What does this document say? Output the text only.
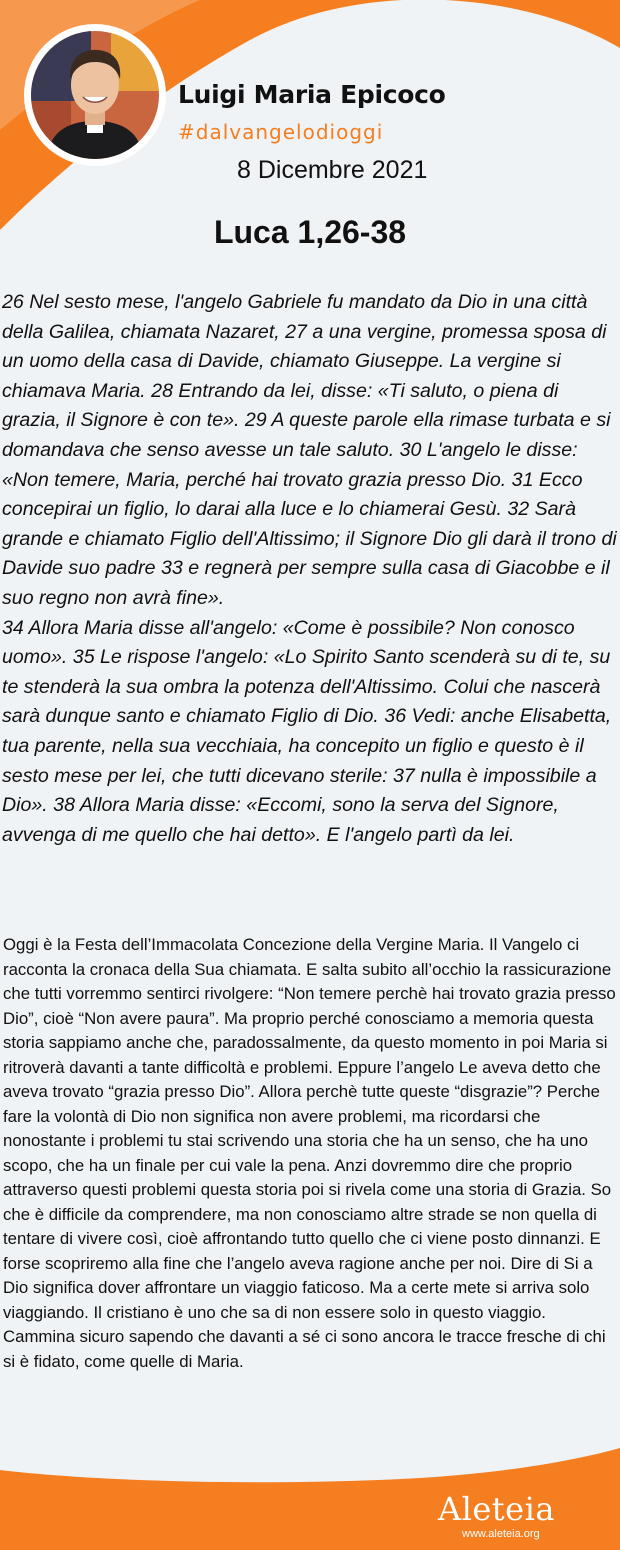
Luigi Maria Epicoco
#dalvangelodioggi
8 Dicembre 2021
Luca 1,26-38

26 Nel sesto mese, l'angelo Gabriele fu mandato da Dio in una città della Galilea, chiamata Nazaret, 27 a una vergine, promessa sposa di un uomo della casa di Davide, chiamato Giuseppe. La vergine si chiamava Maria. 28 Entrando da lei, disse: «Ti saluto, o piena di grazia, il Signore è con te». 29 A queste parole ella rimase turbata e si domandava che senso avesse un tale saluto. 30 L'angelo le disse: «Non temere, Maria, perché hai trovato grazia presso Dio. 31 Ecco concepirai un figlio, lo darai alla luce e lo chiamerai Gesù. 32 Sarà grande e chiamato Figlio dell'Altissimo; il Signore Dio gli darà il trono di Davide suo padre 33 e regnerà per sempre sulla casa di Giacobbe e il suo regno non avrà fine».

34 Allora Maria disse all'angelo: «Come è possibile? Non conosco uomo». 35 Le rispose l'angelo: «Lo Spirito Santo scenderà su di te, su te stenderà la sua ombra la potenza dell'Altissimo. Colui che nascerà sarà dunque santo e chiamato Figlio di Dio. 36 Vedi: anche Elisabetta, tua parente, nella sua vecchiaia, ha concepito un figlio e questo è il sesto mese per lei, che tutti dicevano sterile: 37 nulla è impossibile a Dio». 38 Allora Maria disse: «Eccomi, sono la serva del Signore, avvenga di me quello che hai detto». E l'angelo partì da lei.

Oggi è la Festa dell’Immacolata Concezione della Vergine Maria. Il Vangelo ci racconta la cronaca della Sua chiamata. E salta subito all’occhio la rassicurazione che tutti vorremmo sentirci rivolgere: “Non temere perchè hai trovato grazia presso Dio”, cioè “Non avere paura”. Ma proprio perché conosciamo a memoria questa storia sappiamo anche che, paradossalmente, da questo momento in poi Maria si ritroverà davanti a tante difficoltà e problemi. Eppure l’angelo Le aveva detto che aveva trovato “grazia presso Dio”. Allora perchè tutte queste “disgrazie”? Perche fare la volontà di Dio non significa non avere problemi, ma ricordarsi che nonostante i problemi tu stai scrivendo una storia che ha un senso, che ha uno scopo, che ha un finale per cui vale la pena. Anzi dovremmo dire che proprio attraverso questi problemi questa storia poi si rivela come una storia di Grazia. So che è difficile da comprendere, ma non conosciamo altre strade se non quella di tentare di vivere così, cioè affrontando tutto quello che ci viene posto dinnanzi. E forse scopriremo alla fine che l’angelo aveva ragione anche per noi. Dire di Si a Dio significa dover affrontare un viaggio faticoso. Ma a certe mete si arriva solo viaggiando. Il cristiano è uno che sa di non essere solo in questo viaggio. Cammina sicuro sapendo che davanti a sé ci sono ancora le tracce fresche di chi si è fidato, come quelle di Maria.
Aleteia
www.aleteia.org
